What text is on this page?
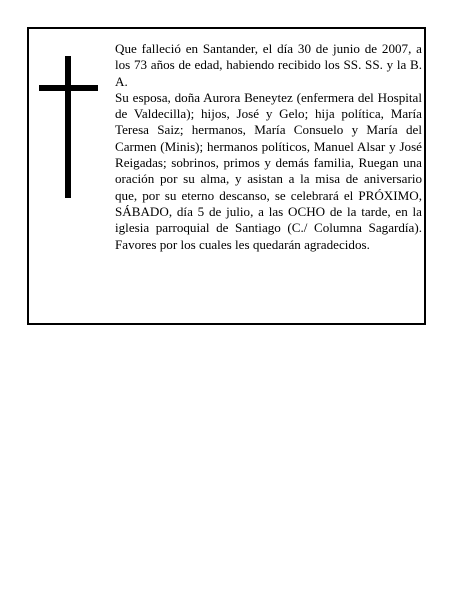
Que falleció en Santander, el día 30 de junio de 2007, a los 73 años de edad, habiendo recibido los SS. SS. y la B. A.

Su esposa, doña Aurora Beneytez (enfermera del Hospital de Valdecilla); hijos, José y Gelo; hija política, María Teresa Saiz; hermanos, María Consuelo y María del Carmen (Minis); hermanos políticos, Manuel Alsar y José Reigadas; sobrinos, primos y demás familia, Ruegan una oración por su alma, y asistan a la misa de aniversario que, por su eterno descanso, se celebrará el PRÓXIMO, SÁBADO, día 5 de julio, a las OCHO de la tarde, en la iglesia parroquial de Santiago (C./ Columna Sagardía). Favores por los cuales les quedarán agradecidos.
